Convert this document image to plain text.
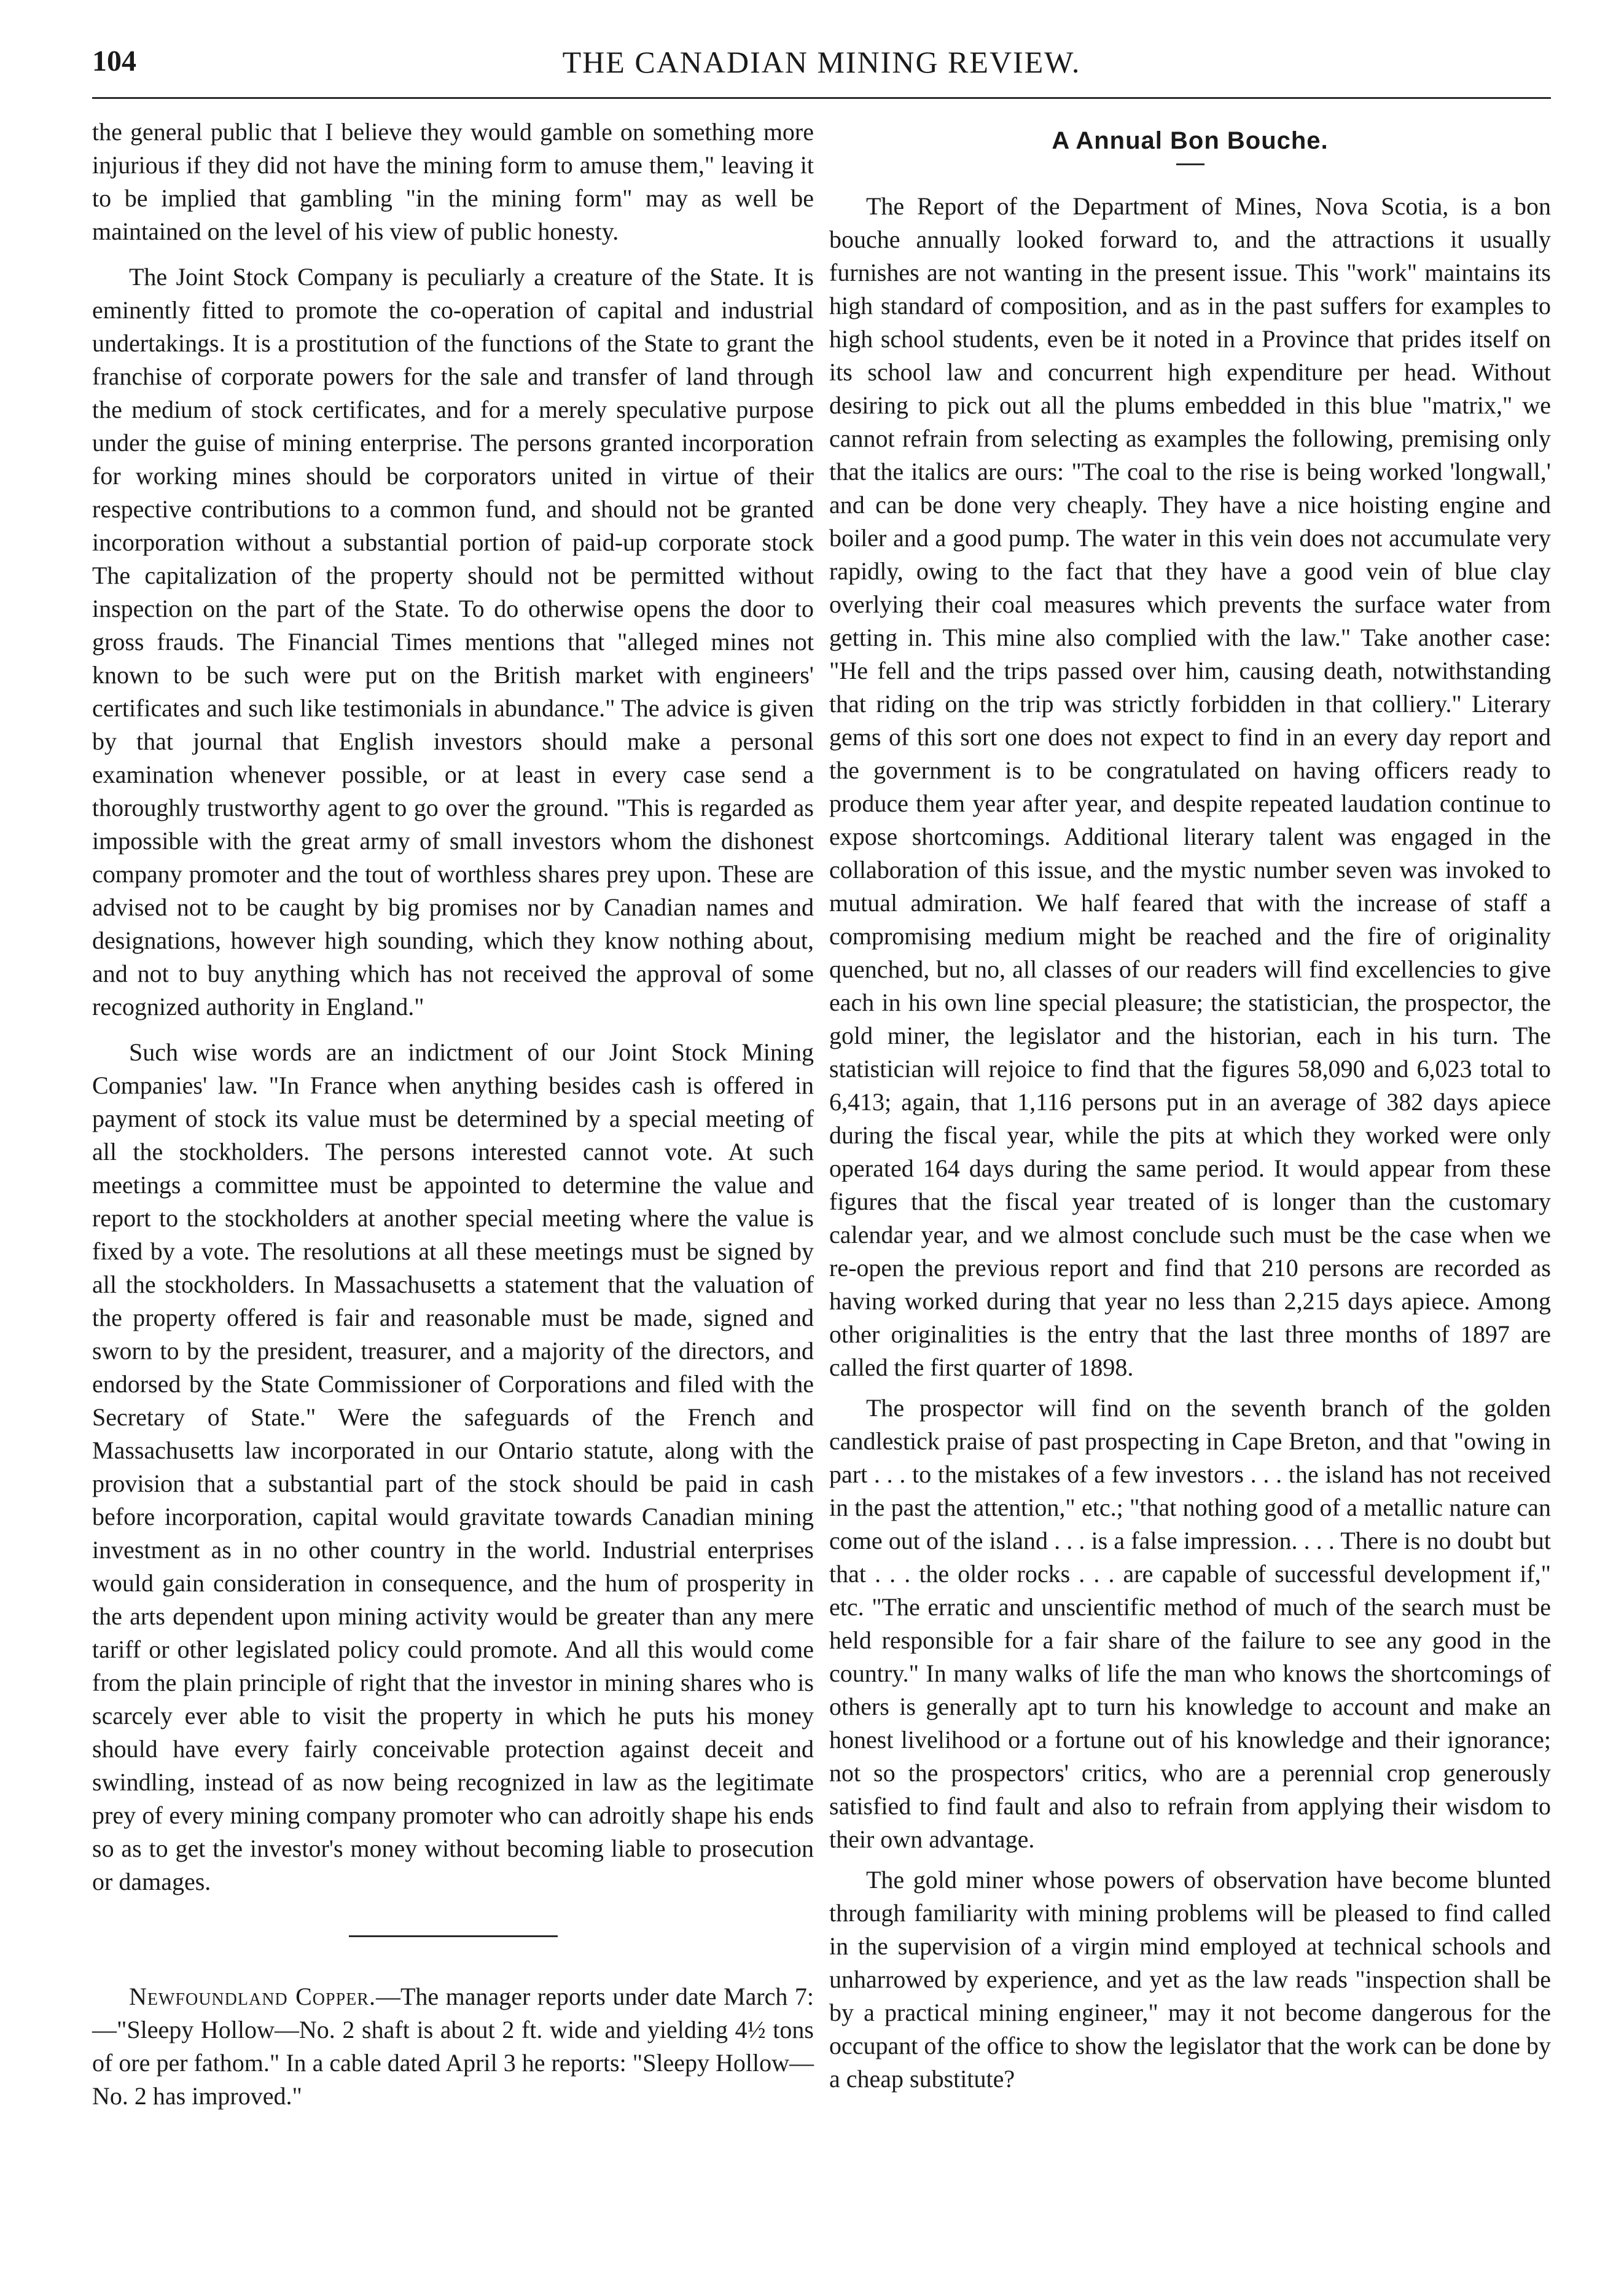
104	THE CANADIAN MINING REVIEW.

the general public that I believe they would gamble on something more injurious if they did not have the mining form to amuse them," leaving it to be implied that gambling "in the mining form" may as well be maintained on the level of his view of public honesty.

The Joint Stock Company is peculiarly a creature of the State. It is eminently fitted to promote the co-operation of capital and industrial undertakings. It is a prostitution of the functions of the State to grant the franchise of corporate powers for the sale and transfer of land through the medium of stock certificates, and for a merely speculative purpose under the guise of mining enterprise. The persons granted incorporation for working mines should be corporators united in virtue of their respective contributions to a common fund, and should not be granted incorporation without a substantial portion of paid-up corporate stock The capitalization of the property should not be permitted without inspection on the part of the State. To do otherwise opens the door to gross frauds. The Financial Times mentions that "alleged mines not known to be such were put on the British market with engineers' certificates and such like testimonials in abundance." The advice is given by that journal that English investors should make a personal examination whenever possible, or at least in every case send a thoroughly trustworthy agent to go over the ground. "This is regarded as impossible with the great army of small investors whom the dishonest company promoter and the tout of worthless shares prey upon. These are advised not to be caught by big promises nor by Canadian names and designations, however high sounding, which they know nothing about, and not to buy anything which has not received the approval of some recognized authority in England."

Such wise words are an indictment of our Joint Stock Mining Companies' law. "In France when anything besides cash is offered in payment of stock its value must be determined by a special meeting of all the stockholders. The persons interested cannot vote. At such meetings a committee must be appointed to determine the value and report to the stockholders at another special meeting where the value is fixed by a vote. The resolutions at all these meetings must be signed by all the stockholders. In Massachusetts a statement that the valuation of the property offered is fair and reasonable must be made, signed and sworn to by the president, treasurer, and a majority of the directors, and endorsed by the State Commissioner of Corporations and filed with the Secretary of State." Were the safeguards of the French and Massachusetts law incorporated in our Ontario statute, along with the provision that a substantial part of the stock should be paid in cash before incorporation, capital would gravitate towards Canadian mining investment as in no other country in the world. Industrial enterprises would gain consideration in consequence, and the hum of prosperity in the arts dependent upon mining activity would be greater than any mere tariff or other legislated policy could promote. And all this would come from the plain principle of right that the investor in mining shares who is scarcely ever able to visit the property in which he puts his money should have every fairly conceivable protection against deceit and swindling, instead of as now being recognized in law as the legitimate prey of every mining company promoter who can adroitly shape his ends so as to get the investor's money without becoming liable to prosecution or damages.

Newfoundland Copper.—The manager reports under date March 7:—"Sleepy Hollow—No. 2 shaft is about 2 ft. wide and yielding 4½ tons of ore per fathom." In a cable dated April 3 he reports: "Sleepy Hollow—No. 2 has improved."

A Annual Bon Bouche.

The Report of the Department of Mines, Nova Scotia, is a bon bouche annually looked forward to, and the attractions it usually furnishes are not wanting in the present issue. This "work" maintains its high standard of composition, and as in the past suffers for examples to high school students, even be it noted in a Province that prides itself on its school law and concurrent high expenditure per head. Without desiring to pick out all the plums embedded in this blue "matrix," we cannot refrain from selecting as examples the following, premising only that the italics are ours: "The coal to the rise is being worked 'longwall,' and can be done very cheaply. They have a nice hoisting engine and boiler and a good pump. The water in this vein does not accumulate very rapidly, owing to the fact that they have a good vein of blue clay overlying their coal measures which prevents the surface water from getting in. This mine also complied with the law." Take another case: "He fell and the trips passed over him, causing death, notwithstanding that riding on the trip was strictly forbidden in that colliery." Literary gems of this sort one does not expect to find in an every day report and the government is to be congratulated on having officers ready to produce them year after year, and despite repeated laudation continue to expose shortcomings. Additional literary talent was engaged in the collaboration of this issue, and the mystic number seven was invoked to mutual admiration. We half feared that with the increase of staff a compromising medium might be reached and the fire of originality quenched, but no, all classes of our readers will find excellencies to give each in his own line special pleasure; the statistician, the prospector, the gold miner, the legislator and the historian, each in his turn. The statistician will rejoice to find that the figures 58,090 and 6,023 total to 6,413; again, that 1,116 persons put in an average of 382 days apiece during the fiscal year, while the pits at which they worked were only operated 164 days during the same period. It would appear from these figures that the fiscal year treated of is longer than the customary calendar year, and we almost conclude such must be the case when we re-open the previous report and find that 210 persons are recorded as having worked during that year no less than 2,215 days apiece. Among other originalities is the entry that the last three months of 1897 are called the first quarter of 1898.

The prospector will find on the seventh branch of the golden candlestick praise of past prospecting in Cape Breton, and that "owing in part . . . to the mistakes of a few investors . . . the island has not received in the past the attention," etc.; "that nothing good of a metallic nature can come out of the island . . . is a false impression. . . . There is no doubt but that . . . the older rocks . . . are capable of successful development if," etc. "The erratic and unscientific method of much of the search must be held responsible for a fair share of the failure to see any good in the country." In many walks of life the man who knows the shortcomings of others is generally apt to turn his knowledge to account and make an honest livelihood or a fortune out of his knowledge and their ignorance; not so the prospectors' critics, who are a perennial crop generously satisfied to find fault and also to refrain from applying their wisdom to their own advantage.

The gold miner whose powers of observation have become blunted through familiarity with mining problems will be pleased to find called in the supervision of a virgin mind employed at technical schools and unharrowed by experience, and yet as the law reads "inspection shall be by a practical mining engineer," may it not become dangerous for the occupant of the office to show the legislator that the work can be done by a cheap substitute?
